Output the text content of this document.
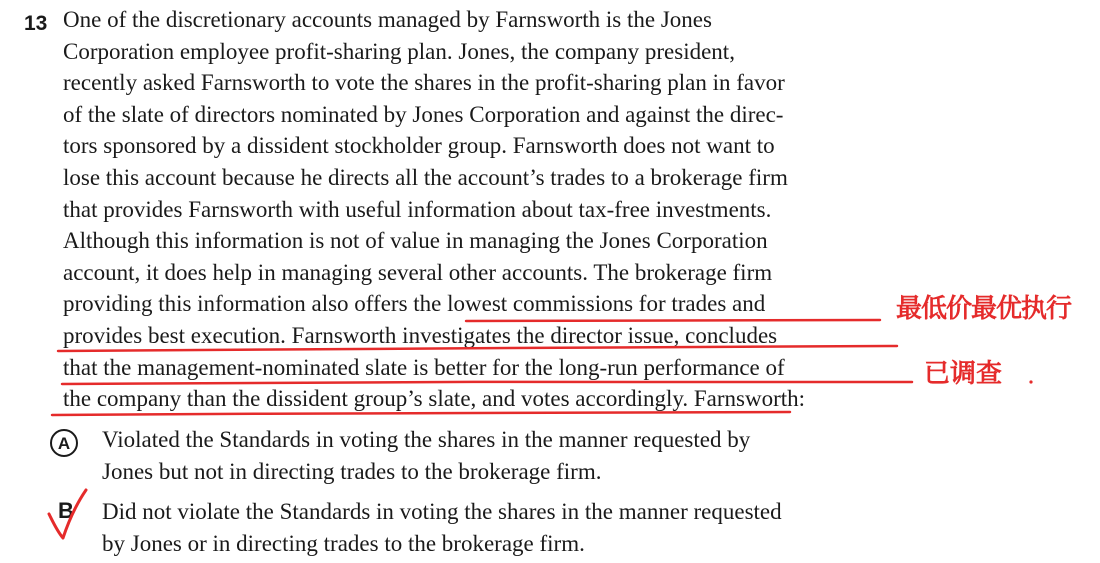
13 One of the discretionary accounts managed by Farnsworth is the Jones
Corporation employee profit-sharing plan. Jones, the company president,
recently asked Farnsworth to vote the shares in the profit-sharing plan in favor
of the slate of directors nominated by Jones Corporation and against the direc-
tors sponsored by a dissident stockholder group. Farnsworth does not want to
lose this account because he directs all the account’s trades to a brokerage firm
that provides Farnsworth with useful information about tax-free investments.
Although this information is not of value in managing the Jones Corporation
account, it does help in managing several other accounts. The brokerage firm
providing this information also offers the lowest commissions for trades and
provides best execution. Farnsworth investigates the director issue, concludes
that the management-nominated slate is better for the long-run performance of
the company than the dissident group’s slate, and votes accordingly. Farnsworth:
A	Violated the Standards in voting the shares in the manner requested by
Jones but not in directing trades to the brokerage firm.
B	Did not violate the Standards in voting the shares in the manner requested
by Jones or in directing trades to the brokerage firm.
最低价最优执行
已调查
